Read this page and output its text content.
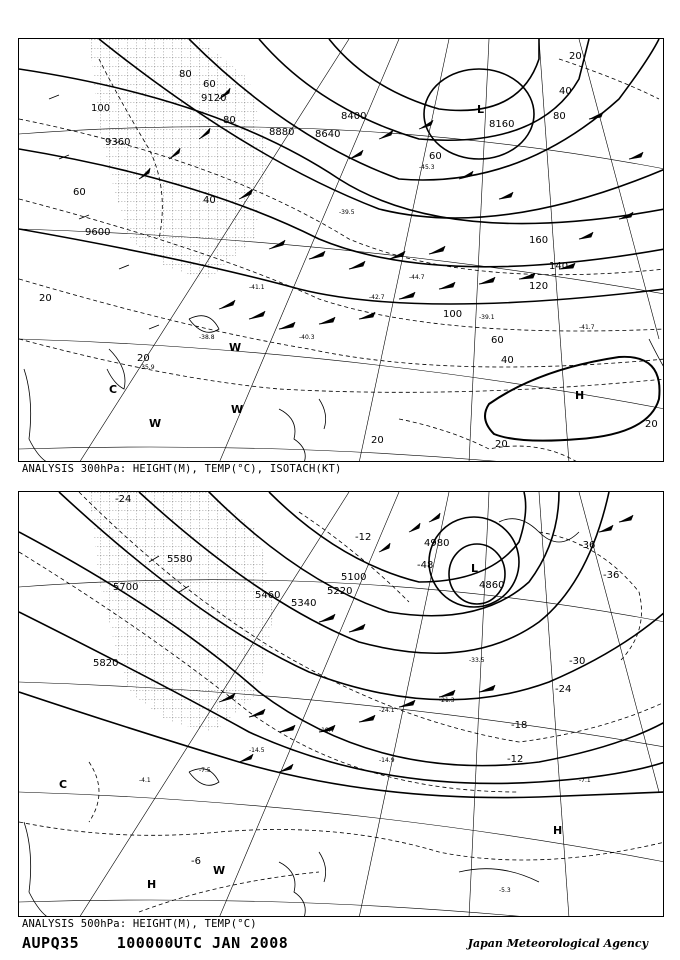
-41.1
-39.5
-44.7
-40.3
-42.7
-39.1
-38.8
-41.7
-45.3
-35.9
9120
9360
9600
8880 8640
8400
8160
100
80
60
20
100
80
60
40
20
40
80
120
140
160
60
60
40
20
20	20
20
L
H
C
W
W
W
ANALYSIS 300hPa: HEIGHT(M), TEMP(°C), ISOTACH(KT)
-14.5
-19.7
-24.1
-21.3
-33.5
-14.9
-7.5
-4.1	-7.1
-5.3
5700
5580
5820
5460
5340
5220
5100
4980
4860
-24
-48
-36
-30
-24
-18
-12
-6
-12
-36
L
H
H
W
C
ANALYSIS 500hPa: HEIGHT(M), TEMP(°C)
AUPQ35	100000UTC JAN 2008	Japan Meteorological Agency
